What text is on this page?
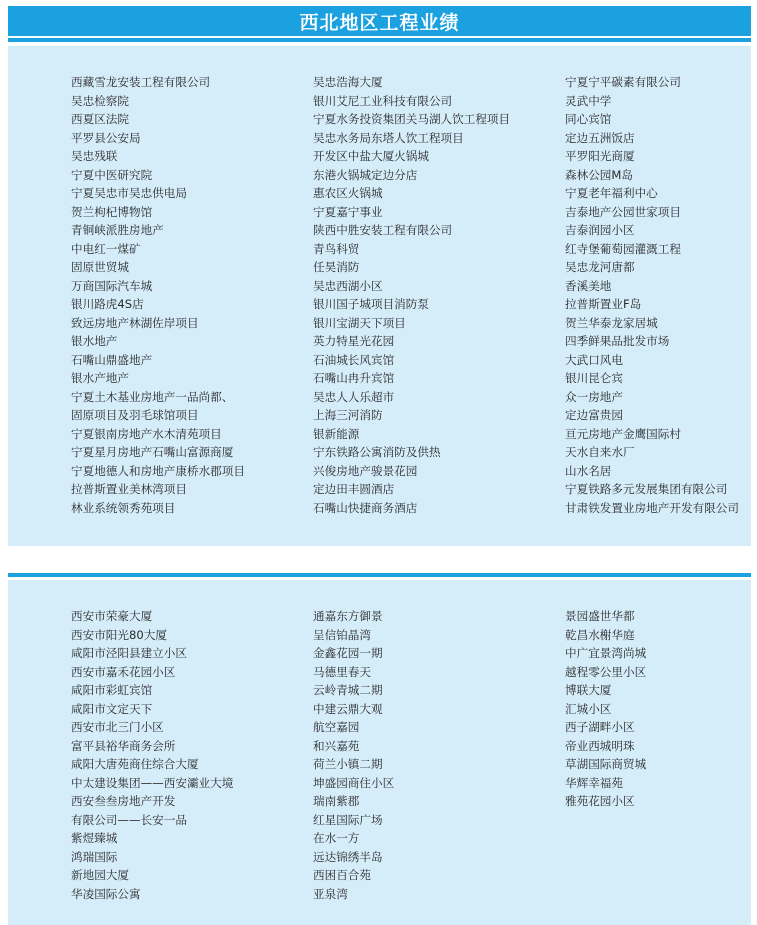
西北地区工程业绩
西藏雪龙安装工程有限公司
吴忠检察院
西夏区法院
平罗县公安局
吴忠残联
宁夏中医研究院
宁夏吴忠市吴忠供电局
贺兰枸杞博物馆
青铜峡派胜房地产
中电红一煤矿
固原世贸城
万商国际汽车城
银川路虎4S店
致远房地产林湖佐岸项目
银水地产
石嘴山鼎盛地产
银水产地产
宁夏土木基业房地产一品尚都、
固原项目及羽毛球馆项目
宁夏银南房地产水木清苑项目
宁夏星月房地产石嘴山富源商厦
宁夏地德人和房地产康桥水郡项目
拉普斯置业美林湾项目
林业系统领秀苑项目
吴忠浩海大厦
银川艾尼工业科技有限公司
宁夏水务投资集团关马湖人饮工程项目
吴忠水务局东塔人饮工程项目
开发区中盐大厦火锅城
东港火锅城定边分店
惠农区火锅城
宁夏嘉宁事业
陕西中胜安装工程有限公司
青鸟科贸
任昊消防
吴忠西湖小区
银川国子城项目消防泵
银川宝湖天下项目
英力特星光花园
石油城长风宾馆
石嘴山冉升宾馆
吴忠人人乐超市
上海三河消防
银新能源
宁东铁路公寓消防及供热
兴俊房地产骏景花园
定边田丰圆酒店
石嘴山快捷商务酒店
宁夏宁平碳素有限公司
灵武中学
同心宾馆
定边五洲饭店
平罗阳光商厦
森林公园M岛
宁夏老年福利中心
吉泰地产公园世家项目
吉泰润园小区
红寺堡葡萄园灌溉工程
吴忠龙河唐都
香溪美地
拉普斯置业F岛
贺兰华泰龙家居城
四季鲜果品批发市场
大武口风电
银川昆仑宾
众一房地产
定边富贵园
亘元房地产金鹰国际村
天水自来水厂
山水名居
宁夏铁路多元发展集团有限公司
甘肃铁发置业房地产开发有限公司
西安市荣豪大厦
西安市阳光80大厦
咸阳市泾阳县建立小区
西安市嘉禾花园小区
咸阳市彩虹宾馆
咸阳市文定天下
西安市北三门小区
富平县裕华商务会所
咸阳大唐苑商住综合大厦
中太建设集团——西安灞业大境
西安叁叁房地产开发
有限公司——长安一品
紫煜臻城
鸿瑞国际
新地园大厦
华凌国际公寓
通嘉东方御景
呈信铂晶湾
金鑫花园一期
马德里春天
云岭青城二期
中建云鼎大观
航空嘉园
和兴嘉苑
荷兰小镇二期
坤盛园商住小区
瑞南紫郡
红星国际广场
在水一方
远达锦绣半岛
西困百合苑
亚泉湾
景园盛世华都
乾昌水榭华庭
中广宜景湾尚城
越程零公里小区
博联大厦
汇城小区
西子湖畔小区
帝业西城明珠
草湖国际商贸城
华辉幸福苑
雅苑花园小区
